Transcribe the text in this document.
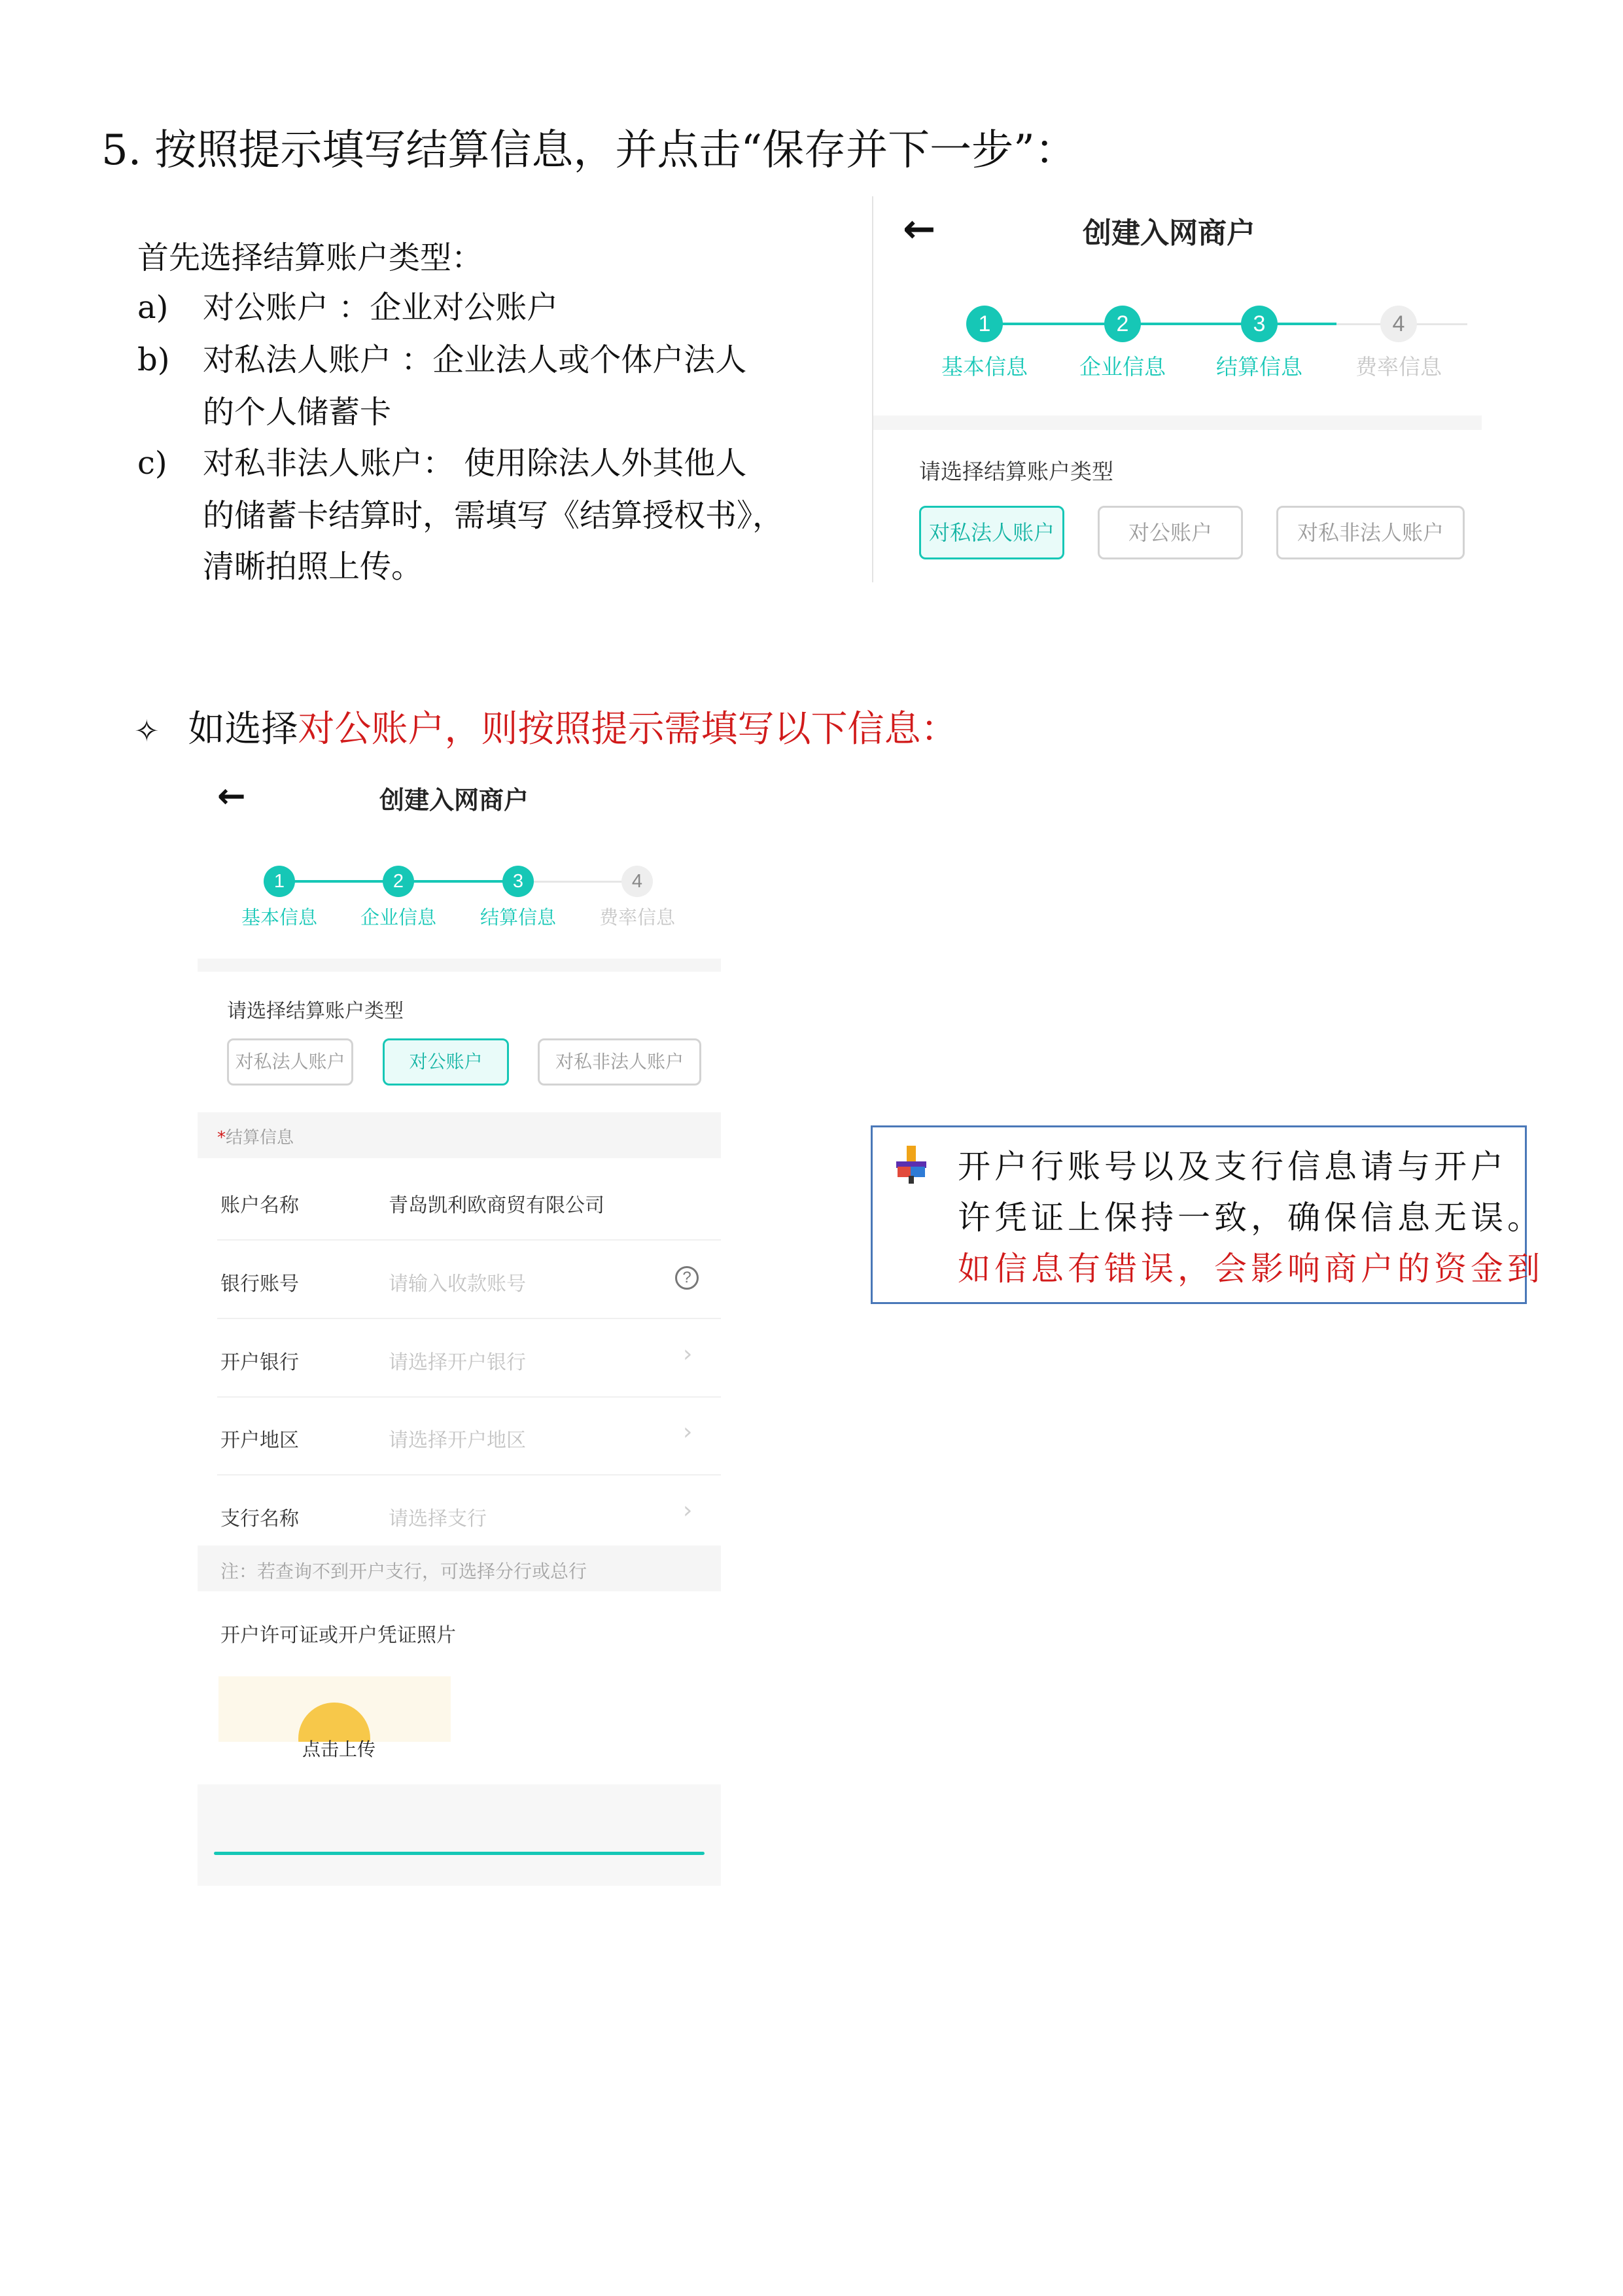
5. 按照提示填写结算信息，并点击“保存并下一步”：
首先选择结算账户类型：
a)	对公账户 ：企业对公账户
b)	对私法人账户 ：企业法人或个体户法人
的个人储蓄卡
c)	对私非法人账户： 使用除法人外其他人
的储蓄卡结算时，需填写《结算授权书》，
清晰拍照上传。
←	创建入网商户
1	2	3	4
基本信息	企业信息	结算信息	费率信息
请选择结算账户类型
对私法人账户	对公账户	对私非法人账户
✧ 如选择对公账户，则按照提示需填写以下信息：
←	创建入网商户
1	2	3	4
基本信息	企业信息	结算信息	费率信息
请选择结算账户类型
对私法人账户	对公账户	对私非法人账户
*结算信息
账户名称	青岛凯利欧商贸有限公司
银行账号	请输入收款账号	?
开户银行	请选择开户银行	›
开户地区	请选择开户地区	›
支行名称	请选择支行	›
注：若查询不到开户支行，可选择分行或总行
开户许可证或开户凭证照片
点击上传
开户行账号以及支行信息请与开户
许凭证上保持一致，确保信息无误。
如信息有错误，会影响商户的资金到
